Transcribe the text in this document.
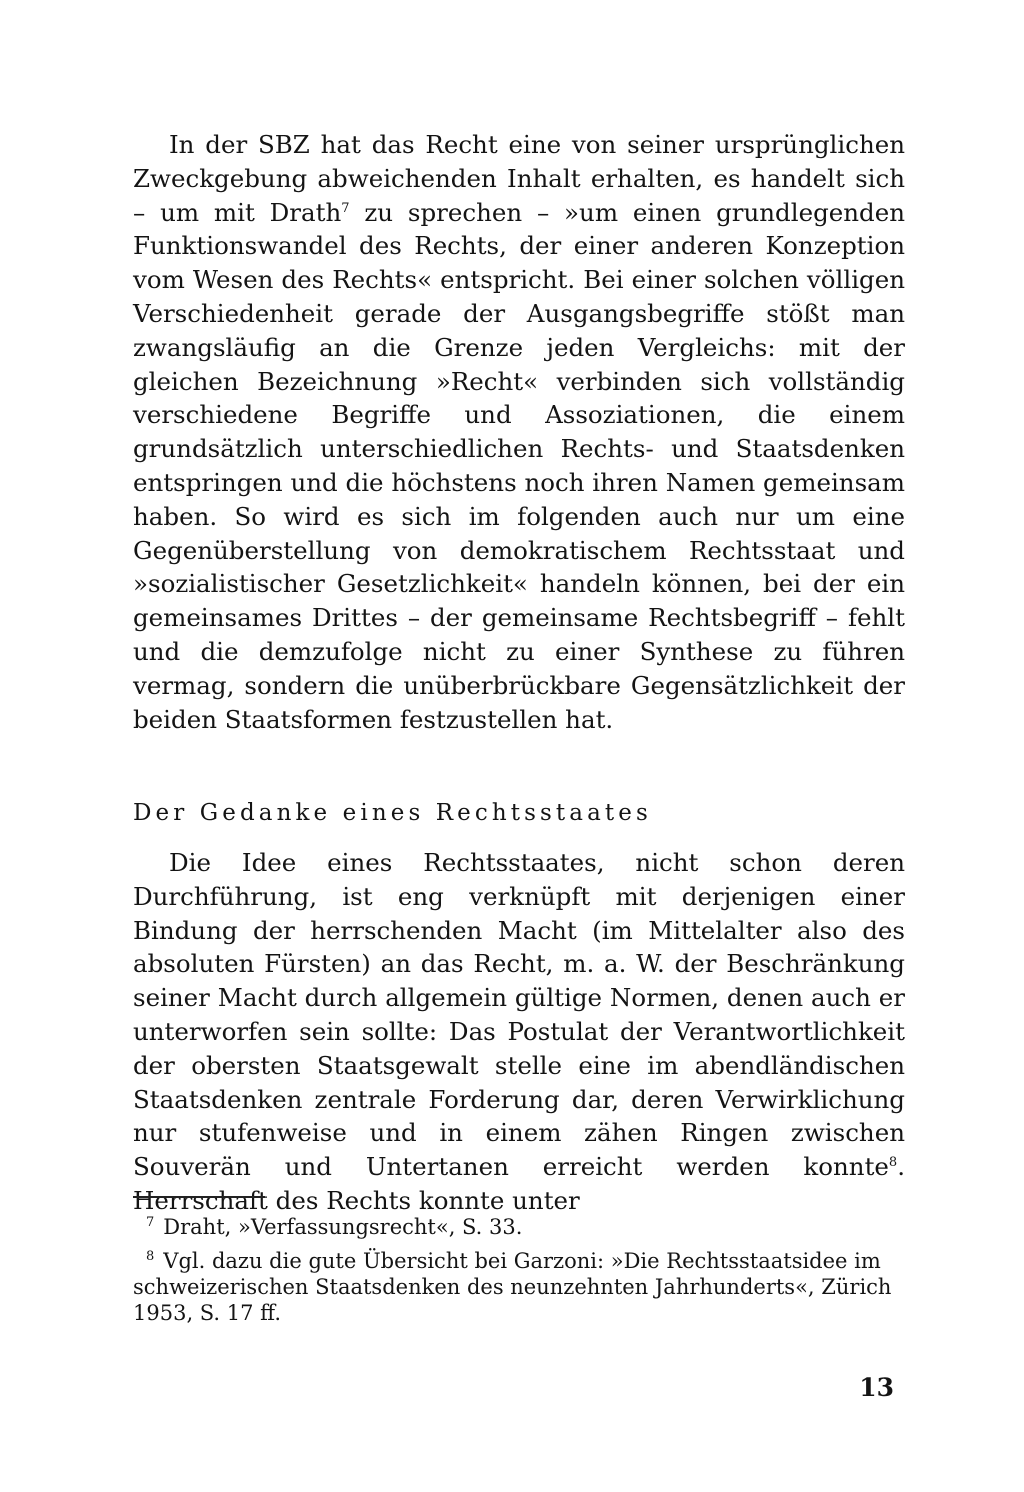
In der SBZ hat das Recht eine von seiner ursprünglichen Zweckgebung abweichenden Inhalt erhalten, es handelt sich – um mit Drath$^7$ zu sprechen – »um einen grundlegenden Funktionswandel des Rechts, der einer anderen Konzeption vom Wesen des Rechts« entspricht. Bei einer solchen völligen Verschiedenheit gerade der Ausgangsbegriffe stößt man zwangsläufig an die Grenze jeden Vergleichs: mit der gleichen Bezeichnung »Recht« verbinden sich vollständig verschiedene Begriffe und Assoziationen, die einem grundsätzlich unterschiedlichen Rechts- und Staatsdenken entspringen und die höchstens noch ihren Namen gemeinsam haben. So wird es sich im folgenden auch nur um eine Gegenüberstellung von demokratischem Rechtsstaat und »sozialistischer Gesetzlichkeit« handeln können, bei der ein gemeinsames Drittes – der gemeinsame Rechtsbegriff – fehlt und die demzufolge nicht zu einer Synthese zu führen vermag, sondern die unüberbrückbare Gegensätzlichkeit der beiden Staatsformen festzustellen hat.

Der Gedanke eines Rechtsstaates

Die Idee eines Rechtsstaates, nicht schon deren Durchführung, ist eng verknüpft mit derjenigen einer Bindung der herrschenden Macht (im Mittelalter also des absoluten Fürsten) an das Recht, m. a. W. der Beschränkung seiner Macht durch allgemein gültige Normen, denen auch er unterworfen sein sollte: Das Postulat der Verantwortlichkeit der obersten Staatsgewalt stelle eine im abendländischen Staatsdenken zentrale Forderung dar, deren Verwirklichung nur stufenweise und in einem zähen Ringen zwischen Souverän und Untertanen erreicht werden konnte$^8$. Herrschaft des Rechts konnte unter

$^7$ Draht, »Verfassungsrecht«, S. 33.

$^8$ Vgl. dazu die gute Übersicht bei Garzoni: »Die Rechtsstaatsidee im schweizerischen Staatsdenken des neunzehnten Jahrhunderts«, Zürich 1953, S. 17 ff.

13
